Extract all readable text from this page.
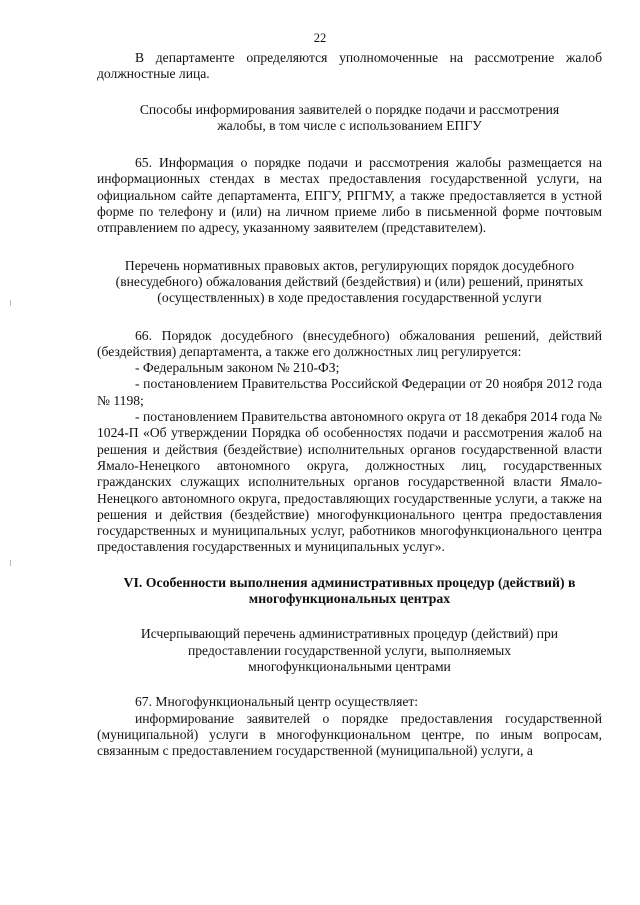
22

В департаменте определяются уполномоченные на рассмотрение жалоб должностные лица.

Способы информирования заявителей о порядке подачи и рассмотрения жалобы, в том числе с использованием ЕПГУ

65. Информация о порядке подачи и рассмотрения жалобы размещается на информационных стендах в местах предоставления государственной услуги, на официальном сайте департамента, ЕПГУ, РПГМУ, а также предоставляется в устной форме по телефону и (или) на личном приеме либо в письменной форме почтовым отправлением по адресу, указанному заявителем (представителем).

Перечень нормативных правовых актов, регулирующих порядок досудебного (внесудебного) обжалования действий (бездействия) и (или) решений, принятых (осуществленных) в ходе предоставления государственной услуги

66. Порядок досудебного (внесудебного) обжалования решений, действий (бездействия) департамента, а также его должностных лиц регулируется:

- Федеральным законом № 210-ФЗ;

- постановлением Правительства Российской Федерации от 20 ноября 2012 года № 1198;

- постановлением Правительства автономного округа от 18 декабря 2014 года № 1024-П «Об утверждении Порядка об особенностях подачи и рассмотрения жалоб на решения и действия (бездействие) исполнительных органов государственной власти Ямало-Ненецкого автономного округа, должностных лиц, государственных гражданских служащих исполнительных органов государственной власти Ямало-Ненецкого автономного округа, предоставляющих государственные услуги, а также на решения и действия (бездействие) многофункционального центра предоставления государственных и муниципальных услуг, работников многофункционального центра предоставления государственных и муниципальных услуг».

VI. Особенности выполнения административных процедур (действий) в многофункциональных центрах

Исчерпывающий перечень административных процедур (действий) при предоставлении государственной услуги, выполняемых многофункциональными центрами

67. Многофункциональный центр осуществляет:

информирование заявителей о порядке предоставления государственной (муниципальной) услуги в многофункциональном центре, по иным вопросам, связанным с предоставлением государственной (муниципальной) услуги, а
